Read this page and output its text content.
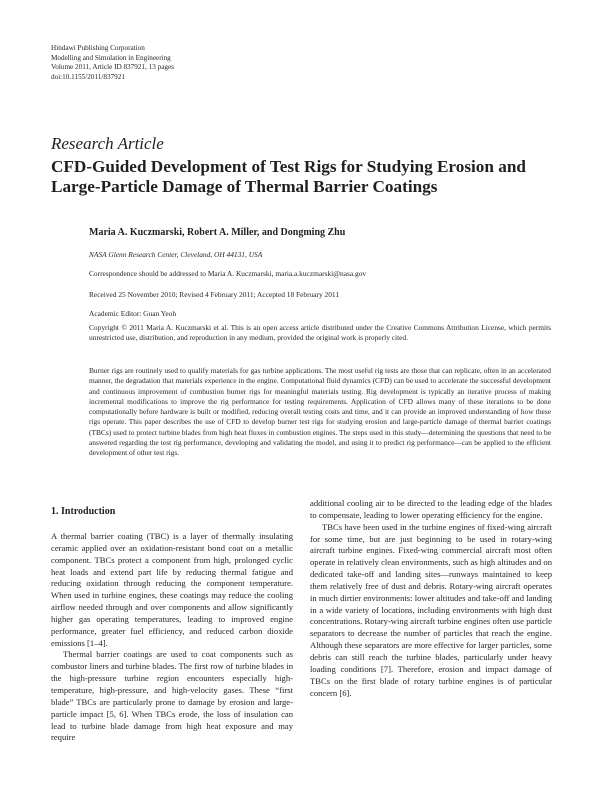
Hindawi Publishing Corporation
Modelling and Simulation in Engineering
Volume 2011, Article ID 837921, 13 pages
doi:10.1155/2011/837921
Research Article
CFD-Guided Development of Test Rigs for Studying Erosion and
Large-Particle Damage of Thermal Barrier Coatings
Maria A. Kuczmarski, Robert A. Miller, and Dongming Zhu
NASA Glenn Research Center, Cleveland, OH 44131, USA
Correspondence should be addressed to Maria A. Kuczmarski, maria.a.kuczmarski@nasa.gov
Received 25 November 2010; Revised 4 February 2011; Accepted 18 February 2011
Academic Editor: Guan Yeoh
Copyright © 2011 Maria A. Kuczmarski et al. This is an open access article distributed under the Creative Commons Attribution License, which permits unrestricted use, distribution, and reproduction in any medium, provided the original work is properly cited.
Burner rigs are routinely used to qualify materials for gas turbine applications. The most useful rig tests are those that can replicate, often in an accelerated manner, the degradation that materials experience in the engine. Computational fluid dynamics (CFD) can be used to accelerate the successful development and continuous improvement of combustion burner rigs for meaningful materials testing. Rig development is typically an iterative process of making incremental modifications to improve the rig performance for testing requirements. Application of CFD allows many of these iterations to be done computationally before hardware is built or modified, reducing overall testing costs and time, and it can provide an improved understanding of how these rigs operate. This paper describes the use of CFD to develop burner test rigs for studying erosion and large-particle damage of thermal barrier coatings (TBCs) used to protect turbine blades from high heat fluxes in combustion engines. The steps used in this study—determining the questions that need to be answered regarding the test rig performance, developing and validating the model, and using it to predict rig performance—can be applied to the efficient development of other test rigs.
1. Introduction

A thermal barrier coating (TBC) is a layer of thermally insulating ceramic applied over an oxidation-resistant bond coat on a metallic component. TBCs protect a component from high, prolonged cyclic heat loads and extend part life by reducing thermal fatigue and reducing oxidation through reducing the component temperature. When used in turbine engines, these coatings may reduce the cooling airflow needed through and over components and allow significantly higher gas operating temperatures, leading to improved engine performance, greater fuel efficiency, and reduced carbon dioxide emissions [1–4].

Thermal barrier coatings are used to coat components such as combustor liners and turbine blades. The first row of turbine blades in the high-pressure turbine region encounters especially high-temperature, high-pressure, and high-velocity gases. These “first blade” TBCs are particularly prone to damage by erosion and large-particle impact [5, 6]. When TBCs erode, the loss of insulation can lead to turbine blade damage from high heat exposure and may require

additional cooling air to be directed to the leading edge of the blades to compensate, leading to lower operating efficiency for the engine.

TBCs have been used in the turbine engines of fixed-wing aircraft for some time, but are just beginning to be used in rotary-wing aircraft turbine engines. Fixed-wing commercial aircraft most often operate in relatively clean environments, such as high altitudes and on dedicated take-off and landing sites—runways maintained to keep them relatively free of dust and debris. Rotary-wing aircraft operates in much dirtier environments: lower altitudes and take-off and landing in a wide variety of locations, including environments with high dust concentrations. Rotary-wing aircraft turbine engines often use particle separators to decrease the number of particles that reach the engine. Although these separators are more effective for larger particles, some debris can still reach the turbine blades, particularly under heavy loading conditions [7]. Therefore, erosion and impact damage of TBCs on the first blade of rotary turbine engines is of particular concern [6].
